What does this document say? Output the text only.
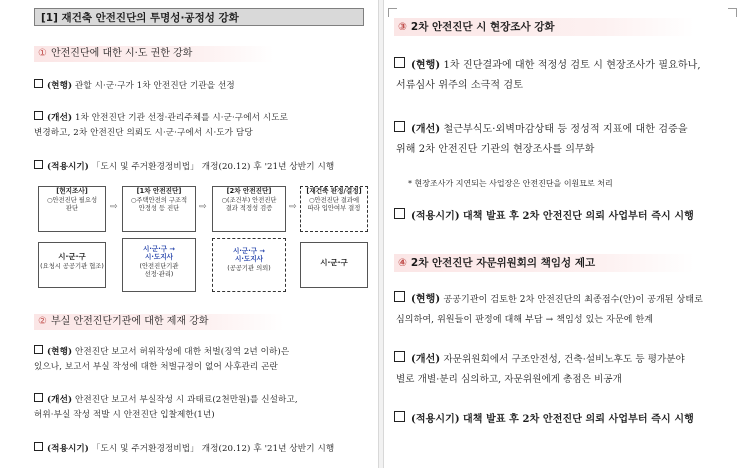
[1] 재건축 안전진단의 투명성·공정성 강화
① 안전진단에 대한 시·도 권한 강화
(현행) 관할 시·군·구가 1차 안전진단 기관을 선정
(개선) 1차 안전진단 기관 선정·관리주체를 시·군·구에서 시도로
변경하고, 2차 안전진단 의뢰도 시·군·구에서 시·도가 담당
(적용시기) 「도시 및 주거환경정비법」 개정(20.12) 후 '21년 상반기 시행
[현지조사]
○안전진단 필요성
판단	⇨
[1차 안전진단]
○주택안전의 구조적
안정성 등 진단	⇨
[2차 안전진단]
○(조건부) 안전진단
결과 적정성 검증	⇨
[재건축 판정/결정]
○안전진단 결과에
따라 입안여부 결정
시·군·구
(요청시 공공기관 협조)
시·군·구 →
시·도지사
(안전진단기관
선정·관리)
시·군·구 →
시·도지사
(공공기관 의뢰)
시·군·구
② 부실 안전진단기관에 대한 제재 강화
(현행) 안전진단 보고서 허위작성에 대한 처벌(징역 2년 이하)은
있으나, 보고서 부실 작성에 대한 처벌규정이 없어 사후관리 곤란
(개선) 안전진단 보고서 부실작성 시 과태료(2천만원)를 신설하고,
허위·부실 작성 적발 시 안전진단 입찰제한(1년)
(적용시기) 「도시 및 주거환경정비법」 개정(20.12) 후 '21년 상반기 시행
③ 2차 안전진단 시 현장조사 강화
(현행) 1차 진단결과에 대한 적정성 검토 시 현장조사가 필요하나,
서류심사 위주의 소극적 검토
(개선) 철근부식도·외벽마감상태 등 정성적 지표에 대한 검증을
위해 2차 안전진단 기관의 현장조사를 의무화
* 현장조사가 지연되는 사업장은 안전진단을 이원묘로 처리
(적용시기) 대책 발표 후 2차 안전진단 의뢰 사업부터 즉시 시행
④ 2차 안전진단 자문위원회의 책임성 제고
(현행) 공공기관이 검토한 2차 안전진단의 최종점수(안)이 공개된 상태로
심의하여, 위원들이 판정에 대해 부담 → 책임성 있는 자문에 한계
(개선) 자문위원회에서 구조안전성, 건축·설비노후도 등 평가분야
별로 개별·분리 심의하고, 자문위원에게 총점은 비공개
(적용시기) 대책 발표 후 2차 안전진단 의뢰 사업부터 즉시 시행
